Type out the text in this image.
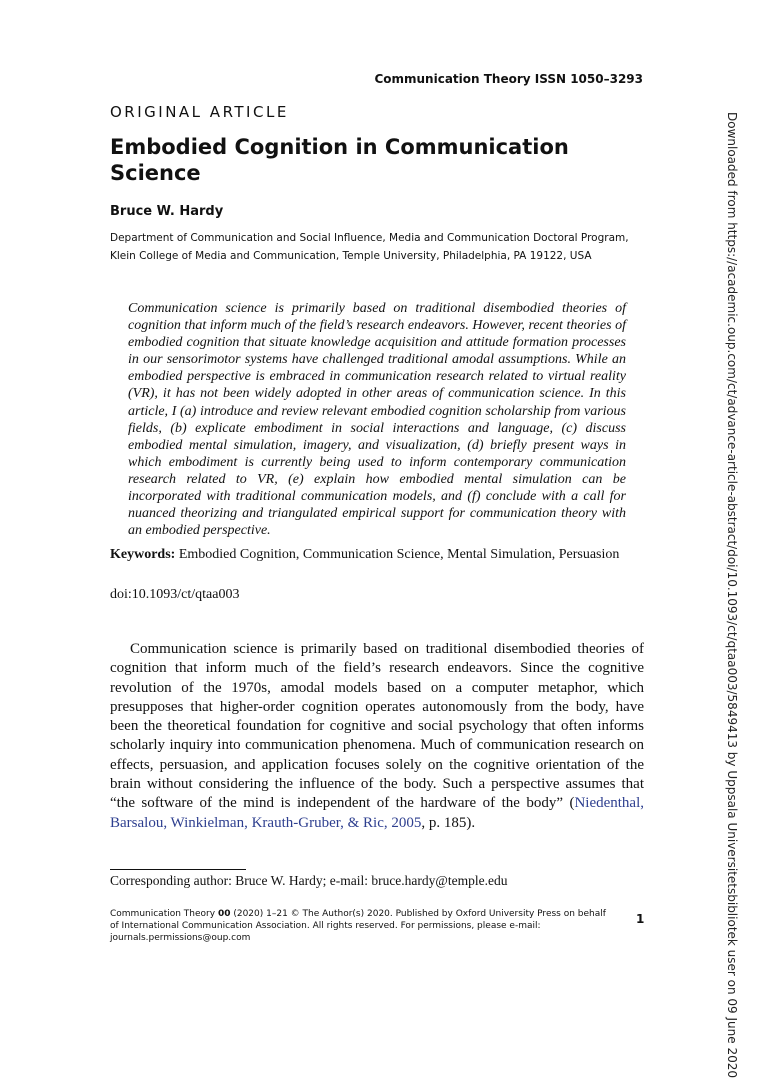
Communication Theory ISSN 1050–3293
ORIGINAL ARTICLE
Embodied Cognition in Communication Science
Bruce W. Hardy
Department of Communication and Social Influence, Media and Communication Doctoral Program, Klein College of Media and Communication, Temple University, Philadelphia, PA 19122, USA
Communication science is primarily based on traditional disembodied theories of cognition that inform much of the field’s research endeavors. However, recent theories of embodied cognition that situate knowledge acquisition and attitude formation processes in our sensorimotor systems have challenged traditional amodal assumptions. While an embodied perspective is embraced in communication research related to virtual reality (VR), it has not been widely adopted in other areas of communication science. In this article, I (a) introduce and review relevant embodied cognition scholarship from various fields, (b) explicate embodiment in social interactions and language, (c) discuss embodied mental simulation, imagery, and visualization, (d) briefly present ways in which embodiment is currently being used to inform contemporary communication research related to VR, (e) explain how embodied mental simulation can be incorporated with traditional communication models, and (f) conclude with a call for nuanced theorizing and triangulated empirical support for communication theory with an embodied perspective.
Keywords: Embodied Cognition, Communication Science, Mental Simulation, Persuasion
doi:10.1093/ct/qtaa003
Communication science is primarily based on traditional disembodied theories of cognition that inform much of the field’s research endeavors. Since the cognitive revolution of the 1970s, amodal models based on a computer metaphor, which presupposes that higher-order cognition operates autonomously from the body, have been the theoretical foundation for cognitive and social psychology that often informs scholarly inquiry into communication phenomena. Much of communication research on effects, persuasion, and application focuses solely on the cognitive orientation of the brain without considering the influence of the body. Such a perspective assumes that “the software of the mind is independent of the hardware of the body” (Niedenthal, Barsalou, Winkielman, Krauth-Gruber, & Ric, 2005, p. 185).
Corresponding author: Bruce W. Hardy; e-mail: bruce.hardy@temple.edu
Communication Theory 00 (2020) 1–21 © The Author(s) 2020. Published by Oxford University Press on behalf of International Communication Association. All rights reserved. For permissions, please e-mail: journals.permissions@oup.com
1	Downloaded from https://academic.oup.com/ct/advance-article-abstract/doi/10.1093/ct/qtaa003/5849413 by Uppsala Universitetsbibliotek user on 09 June 2020
